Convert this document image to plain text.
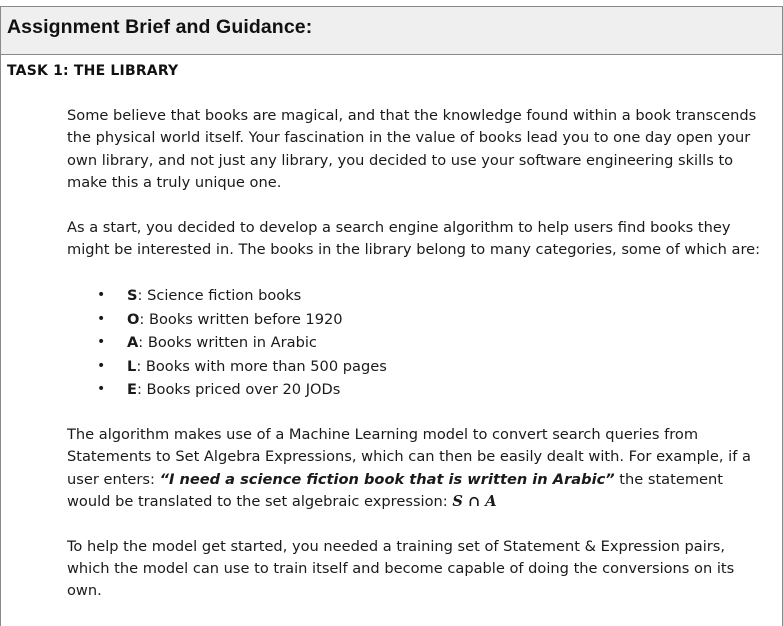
Assignment Brief and Guidance:
TASK 1: THE LIBRARY

Some believe that books are magical, and that the knowledge found within a book transcends the physical world itself. Your fascination in the value of books lead you to one day open your own library, and not just any library, you decided to use your software engineering skills to make this a truly unique one.

As a start, you decided to develop a search engine algorithm to help users find books they might be interested in. The books in the library belong to many categories, some of which are:

• S: Science fiction books
• O: Books written before 1920
• A: Books written in Arabic
• L: Books with more than 500 pages
• E: Books priced over 20 JODs

The algorithm makes use of a Machine Learning model to convert search queries from Statements to Set Algebra Expressions, which can then be easily dealt with. For example, if a user enters: “I need a science fiction book that is written in Arabic” the statement would be translated to the set algebraic expression: S ∩ A

To help the model get started, you needed a training set of Statement & Expression pairs, which the model can use to train itself and become capable of doing the conversions on its own.
